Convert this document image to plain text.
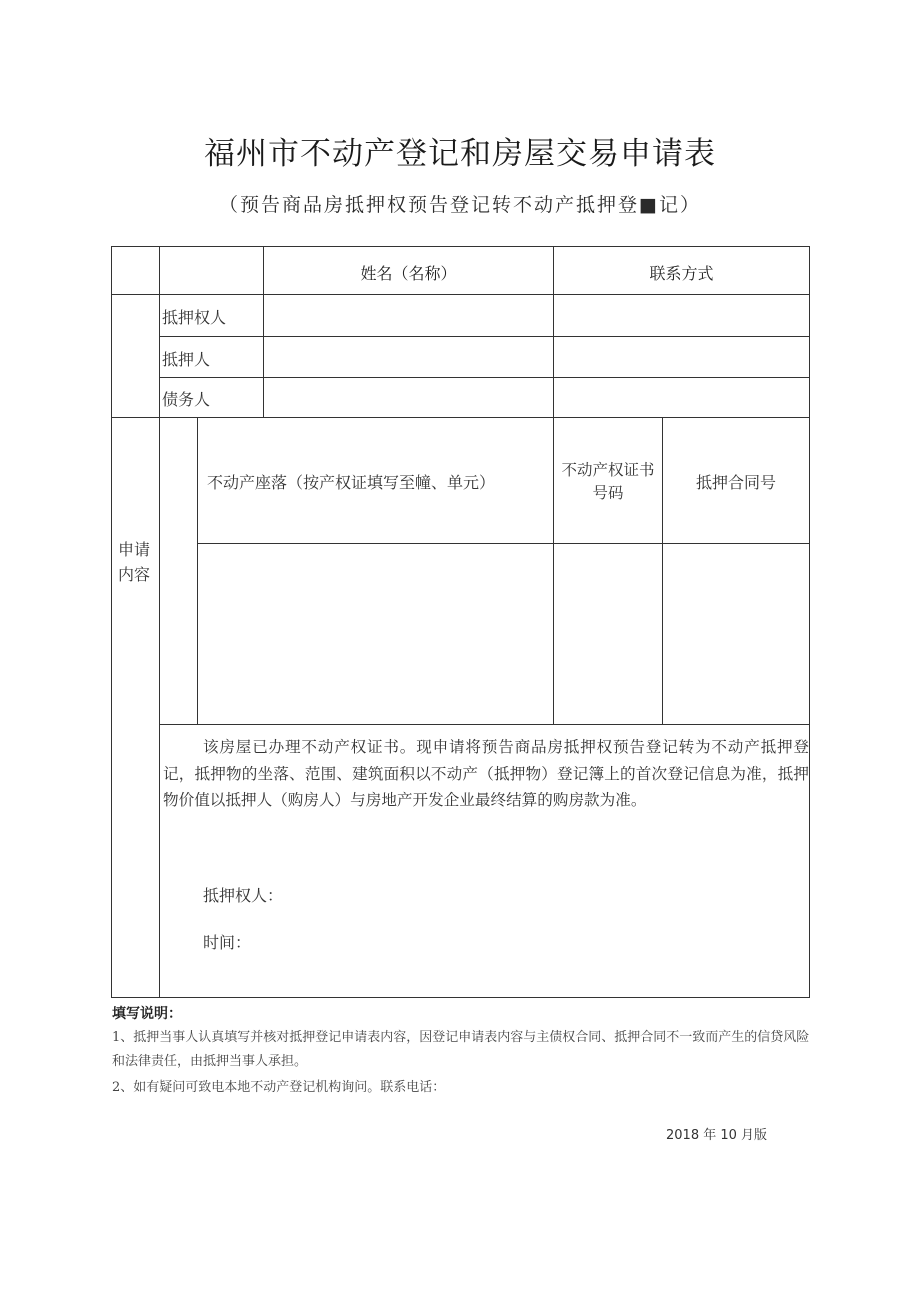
福州市不动产登记和房屋交易申请表
（预告商品房抵押权预告登记转不动产抵押登■记）
姓名（名称）	联系方式
抵押权人
抵押人
债务人
申请内容
不动产座落（按产权证填写至幢、单元）
不动产权证书号码
抵押合同号
该房屋已办理不动产权证书。现申请将预告商品房抵押权预告登记转为不动产抵押登记，抵押物的坐落、范围、建筑面积以不动产（抵押物）登记簿上的首次登记信息为准，抵押物价值以抵押人（购房人）与房地产开发企业最终结算的购房款为准。
抵押权人：
时间：
填写说明：
1、抵押当事人认真填写并核对抵押登记申请表内容，因登记申请表内容与主债权合同、抵押合同不一致而产生的信贷风险和法律责任，由抵押当事人承担。
2、如有疑问可致电本地不动产登记机构询问。联系电话：
2018 年 10 月版
